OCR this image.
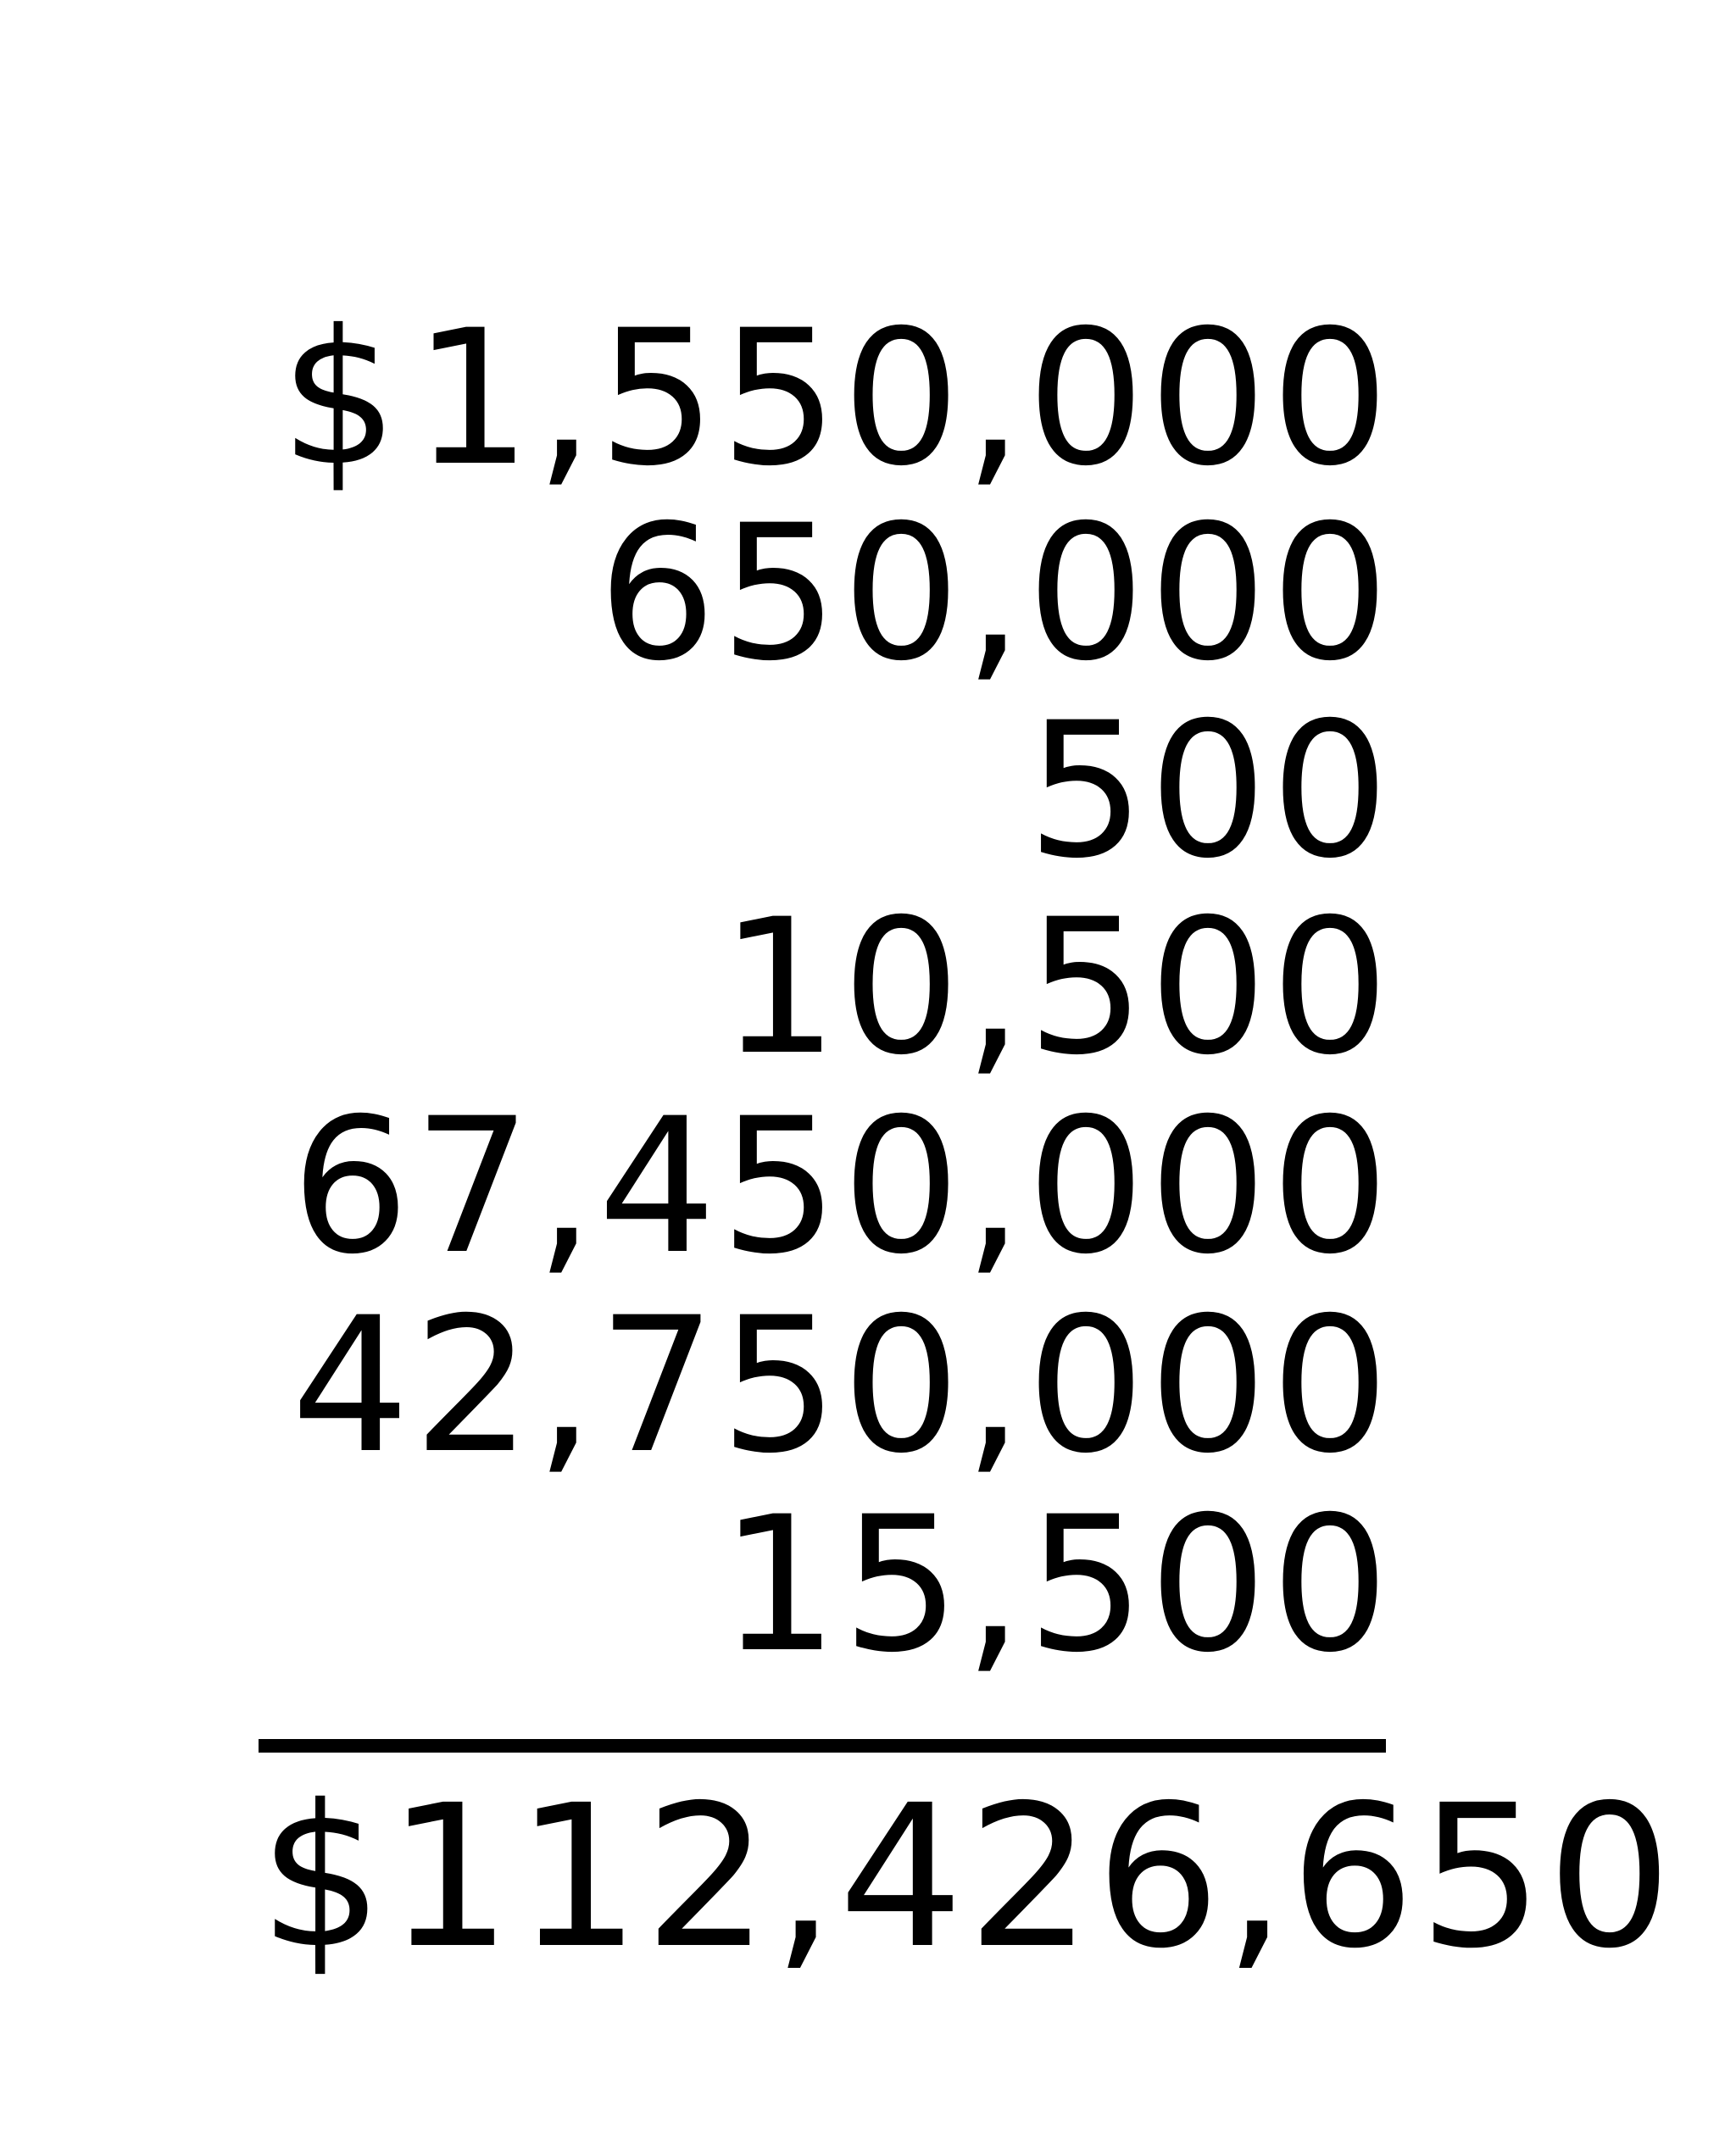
$ 1,550,000
650,000
500
10,500
67,450,000
42,750,000
15,500
$112,426,650
